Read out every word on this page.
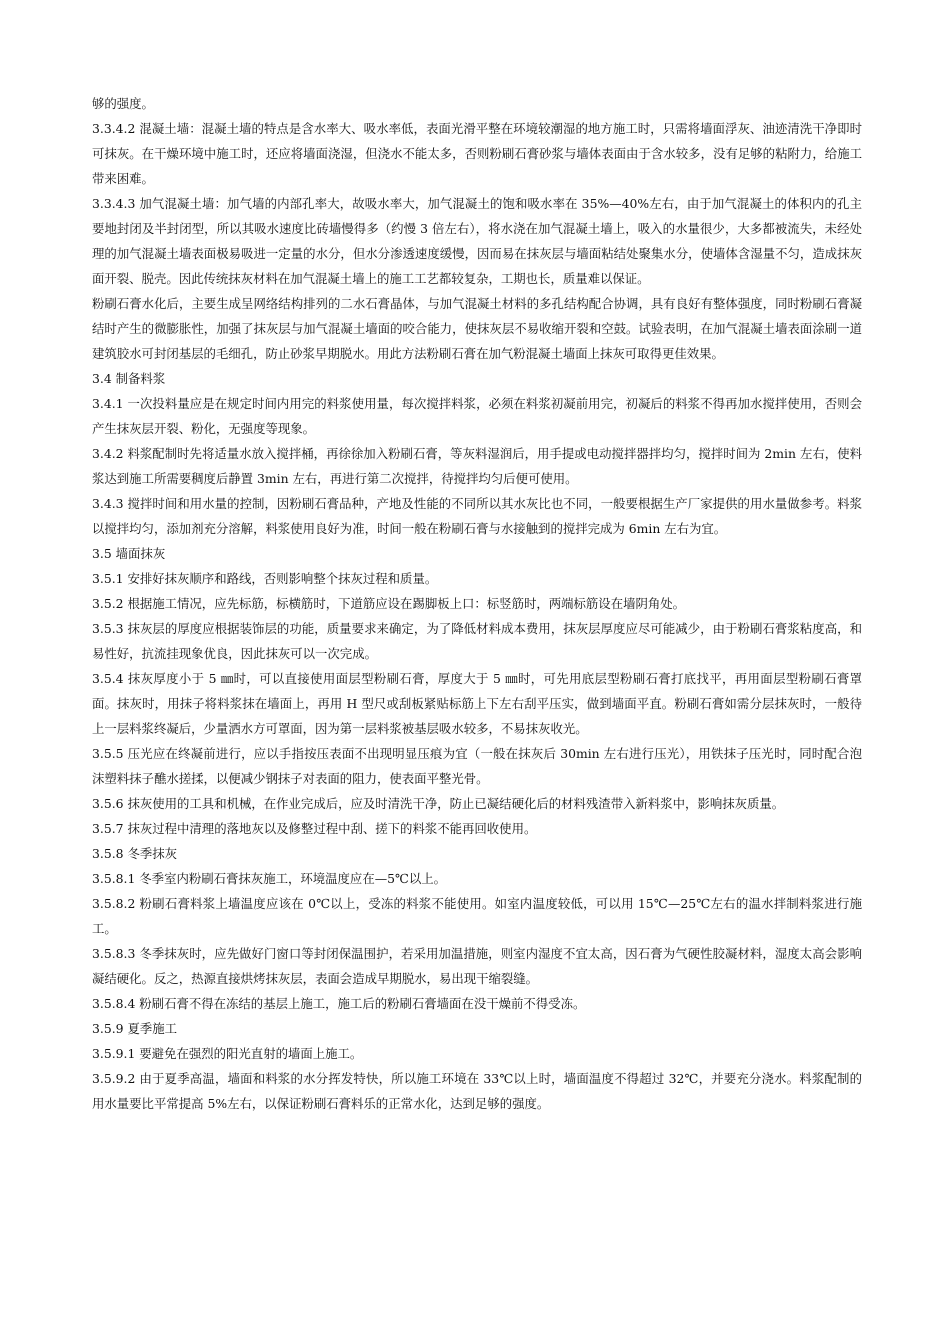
够的强度。

3.3.4.2 混凝土墙：混凝土墙的特点是含水率大、吸水率低，表面光滑平整在环境较潮湿的地方施工时，只需将墙面浮灰、油迹清洗干净即时可抹灰。在干燥环境中施工时，还应将墙面浇湿，但浇水不能太多，否则粉刷石膏砂浆与墙体表面由于含水较多，没有足够的粘附力，给施工带来困难。

3.3.4.3 加气混凝土墙：加气墙的内部孔率大，故吸水率大，加气混凝土的饱和吸水率在 35%—40%左右，由于加气混凝土的体积内的孔主要地封闭及半封闭型，所以其吸水速度比砖墙慢得多（约慢 3 倍左右），将水浇在加气混凝土墙上，吸入的水量很少，大多都被流失，未经处理的加气混凝土墙表面极易吸进一定量的水分，但水分渗透速度缓慢，因而易在抹灰层与墙面粘结处聚集水分，使墙体含湿量不匀，造成抹灰面开裂、脱壳。因此传统抹灰材料在加气混凝土墙上的施工工艺都较复杂，工期也长，质量难以保证。

粉刷石膏水化后，主要生成呈网络结构排列的二水石膏晶体，与加气混凝土材料的多孔结构配合协调，具有良好有整体强度，同时粉刷石膏凝结时产生的微膨胀性，加强了抹灰层与加气混凝土墙面的咬合能力，使抹灰层不易收缩开裂和空鼓。试验表明，在加气混凝土墙表面涂刷一道建筑胶水可封闭基层的毛细孔，防止砂浆早期脱水。用此方法粉刷石膏在加气粉混凝土墙面上抹灰可取得更佳效果。

3.4 制备料浆

3.4.1 一次投料量应是在规定时间内用完的料浆使用量，每次搅拌料浆，必须在料浆初凝前用完，初凝后的料浆不得再加水搅拌使用，否则会产生抹灰层开裂、粉化，无强度等现象。

3.4.2 料浆配制时先将适量水放入搅拌桶，再徐徐加入粉刷石膏，等灰料湿润后，用手提或电动搅拌器拌均匀，搅拌时间为 2min 左右，使料浆达到施工所需要稠度后静置 3min 左右，再进行第二次搅拌，待搅拌均匀后便可使用。

3.4.3 搅拌时间和用水量的控制，因粉刷石膏品种，产地及性能的不同所以其水灰比也不同，一般要根据生产厂家提供的用水量做参考。料浆以搅拌均匀，添加剂充分溶解，料浆使用良好为准，时间一般在粉刷石膏与水接触到的搅拌完成为 6min 左右为宜。

3.5 墙面抹灰

3.5.1 安排好抹灰顺序和路线，否则影响整个抹灰过程和质量。

3.5.2 根据施工情况，应先标筋，标横筋时，下道筋应设在踢脚板上口：标竖筋时，两端标筋设在墙阴角处。

3.5.3 抹灰层的厚度应根据装饰层的功能，质量要求来确定，为了降低材料成本费用，抹灰层厚度应尽可能减少，由于粉刷石膏浆粘度高，和易性好，抗流挂现象优良，因此抹灰可以一次完成。

3.5.4 抹灰厚度小于 5 ㎜时，可以直接使用面层型粉刷石膏，厚度大于 5 ㎜时，可先用底层型粉刷石膏打底找平，再用面层型粉刷石膏罩面。抹灰时，用抹子将料浆抹在墙面上，再用 H 型尺或刮板紧贴标筋上下左右刮平压实，做到墙面平直。粉刷石膏如需分层抹灰时，一般待上一层料浆终凝后，少量洒水方可罩面，因为第一层料浆被基层吸水较多，不易抹灰收光。

3.5.5 压光应在终凝前进行，应以手指按压表面不出现明显压痕为宜（一般在抹灰后 30min 左右进行压光），用铁抹子压光时，同时配合泡沫塑料抹子醮水搓揉，以便减少钢抹子对表面的阻力，使表面平整光骨。

3.5.6 抹灰使用的工具和机械，在作业完成后，应及时清洗干净，防止已凝结硬化后的材料残渣带入新料浆中，影响抹灰质量。

3.5.7 抹灰过程中清理的落地灰以及修整过程中刮、搓下的料浆不能再回收使用。

3.5.8 冬季抹灰

3.5.8.1 冬季室内粉刷石膏抹灰施工，环境温度应在—5℃以上。

3.5.8.2 粉刷石膏料浆上墙温度应该在 0℃以上，受冻的料浆不能使用。如室内温度较低，可以用 15℃—25℃左右的温水拌制料浆进行施工。

3.5.8.3 冬季抹灰时，应先做好门窗口等封闭保温围护，若采用加温措施，则室内湿度不宜太高，因石膏为气硬性胶凝材料，湿度太高会影响凝结硬化。反之，热源直接烘烤抹灰层，表面会造成早期脱水，易出现干缩裂缝。

3.5.8.4 粉刷石膏不得在冻结的基层上施工，施工后的粉刷石膏墙面在没干燥前不得受冻。

3.5.9 夏季施工

3.5.9.1 要避免在强烈的阳光直射的墙面上施工。

3.5.9.2 由于夏季高温，墙面和料浆的水分挥发特快，所以施工环境在 33℃以上时，墙面温度不得超过 32℃，并要充分浇水。料浆配制的用水量要比平常提高 5%左右，以保证粉刷石膏料乐的正常水化，达到足够的强度。
